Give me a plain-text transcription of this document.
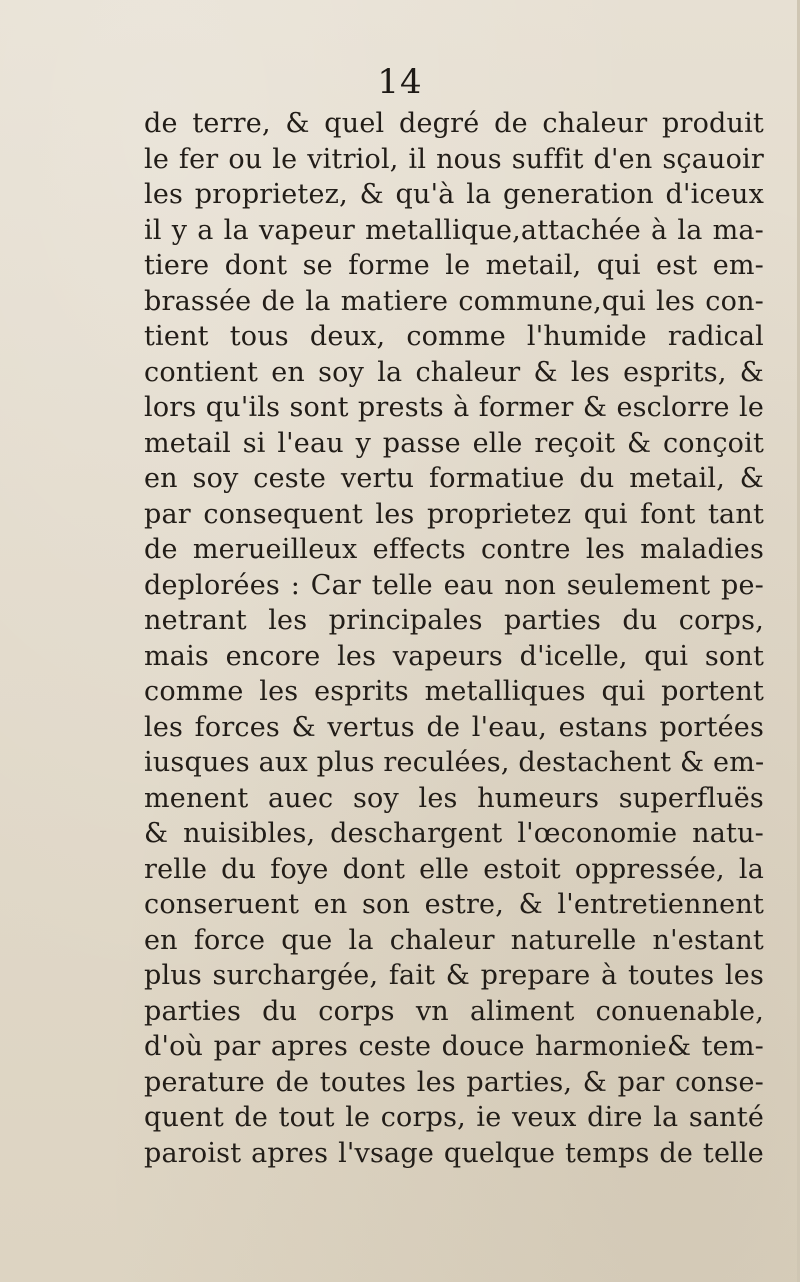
14
de terre, & quel degré de chaleur produit
le fer ou le vitriol, il nous suffit d'en sçauoir
les proprietez, & qu'à la generation d'iceux
il y a la vapeur metallique,attachée à la ma-
tiere dont se forme le metail, qui est em-
brassée de la matiere commune,qui les con-
tient tous deux, comme l'humide radical
contient en soy la chaleur & les esprits, &
lors qu'ils sont prests à former & esclorre le
metail si l'eau y passe elle reçoit & conçoit
en soy ceste vertu formatiue du metail, &
par consequent les proprietez qui font tant
de merueilleux effects contre les maladies
deplorées : Car telle eau non seulement pe-
netrant les principales parties du corps,
mais encore les vapeurs d'icelle, qui sont
comme les esprits metalliques qui portent
les forces & vertus de l'eau, estans portées
iusques aux plus reculées, destachent & em-
menent auec soy les humeurs superfluës
& nuisibles, deschargent l'œconomie natu-
relle du foye dont elle estoit oppressée, la
conseruent en son estre, & l'entretiennent
en force que la chaleur naturelle n'estant
plus surchargée, fait & prepare à toutes les
parties du corps vn aliment conuenable,
d'où par apres ceste douce harmonie& tem-
perature de toutes les parties, & par conse-
quent de tout le corps, ie veux dire la santé
paroist apres l'vsage quelque temps de telle
